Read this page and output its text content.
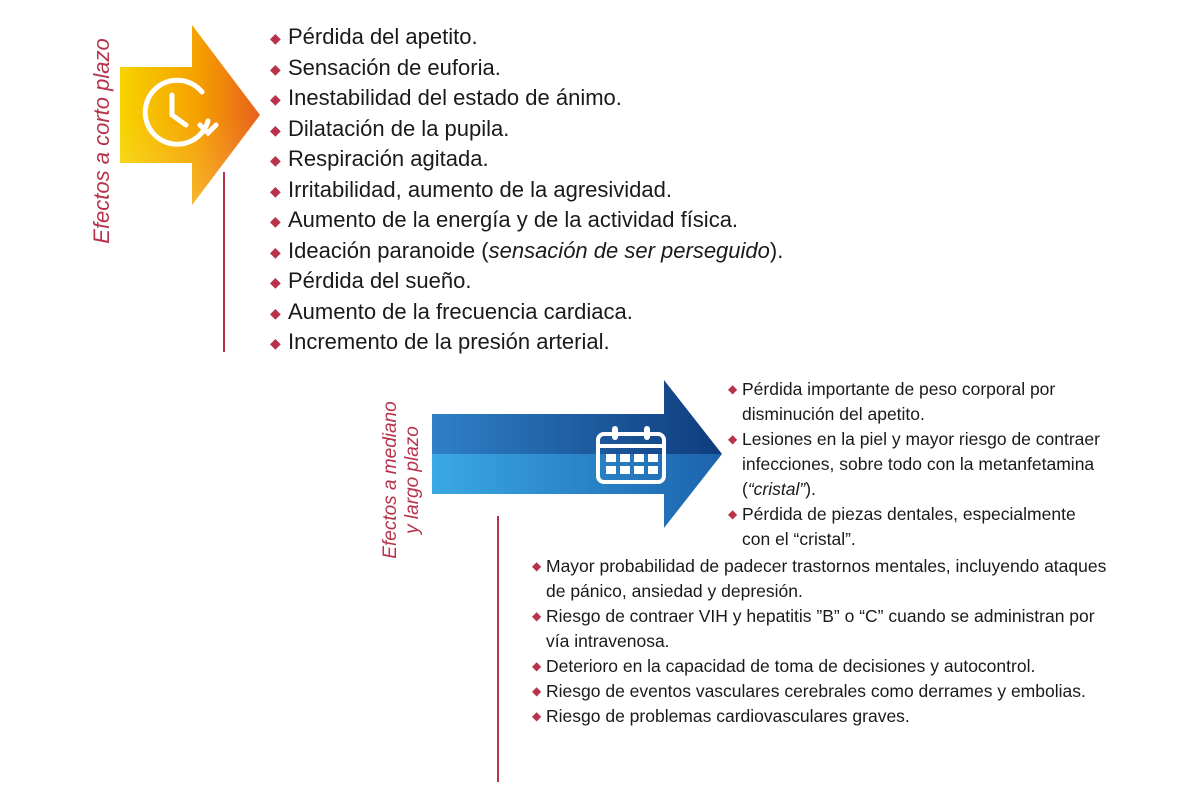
Efectos a corto plazo
◆ Pérdida del apetito.
◆ Sensación de euforia.
◆ Inestabilidad del estado de ánimo.
◆ Dilatación de la pupila.
◆ Respiración agitada.
◆ Irritabilidad, aumento de la agresividad.
◆ Aumento de la energía y de la actividad física.
◆ Ideación paranoide (sensación de ser perseguido).
◆ Pérdida del sueño.
◆ Aumento de la frecuencia cardiaca.
◆ Incremento de la presión arterial.
Efectos a mediano y largo plazo
◆ Pérdida importante de peso corporal por disminución del apetito.
◆ Lesiones en la piel y mayor riesgo de contraer infecciones, sobre todo con la metanfetamina (“cristal”).
◆ Pérdida de piezas dentales, especialmente con el “cristal”.
◆ Mayor probabilidad de padecer trastornos mentales, incluyendo ataques de pánico, ansiedad y depresión.
◆ Riesgo de contraer VIH y hepatitis ”B” o “C” cuando se administran por vía intravenosa.
◆ Deterioro en la capacidad de toma de decisiones y autocontrol.
◆ Riesgo de eventos vasculares cerebrales como derrames y embolias.
◆ Riesgo de problemas cardiovasculares graves.
